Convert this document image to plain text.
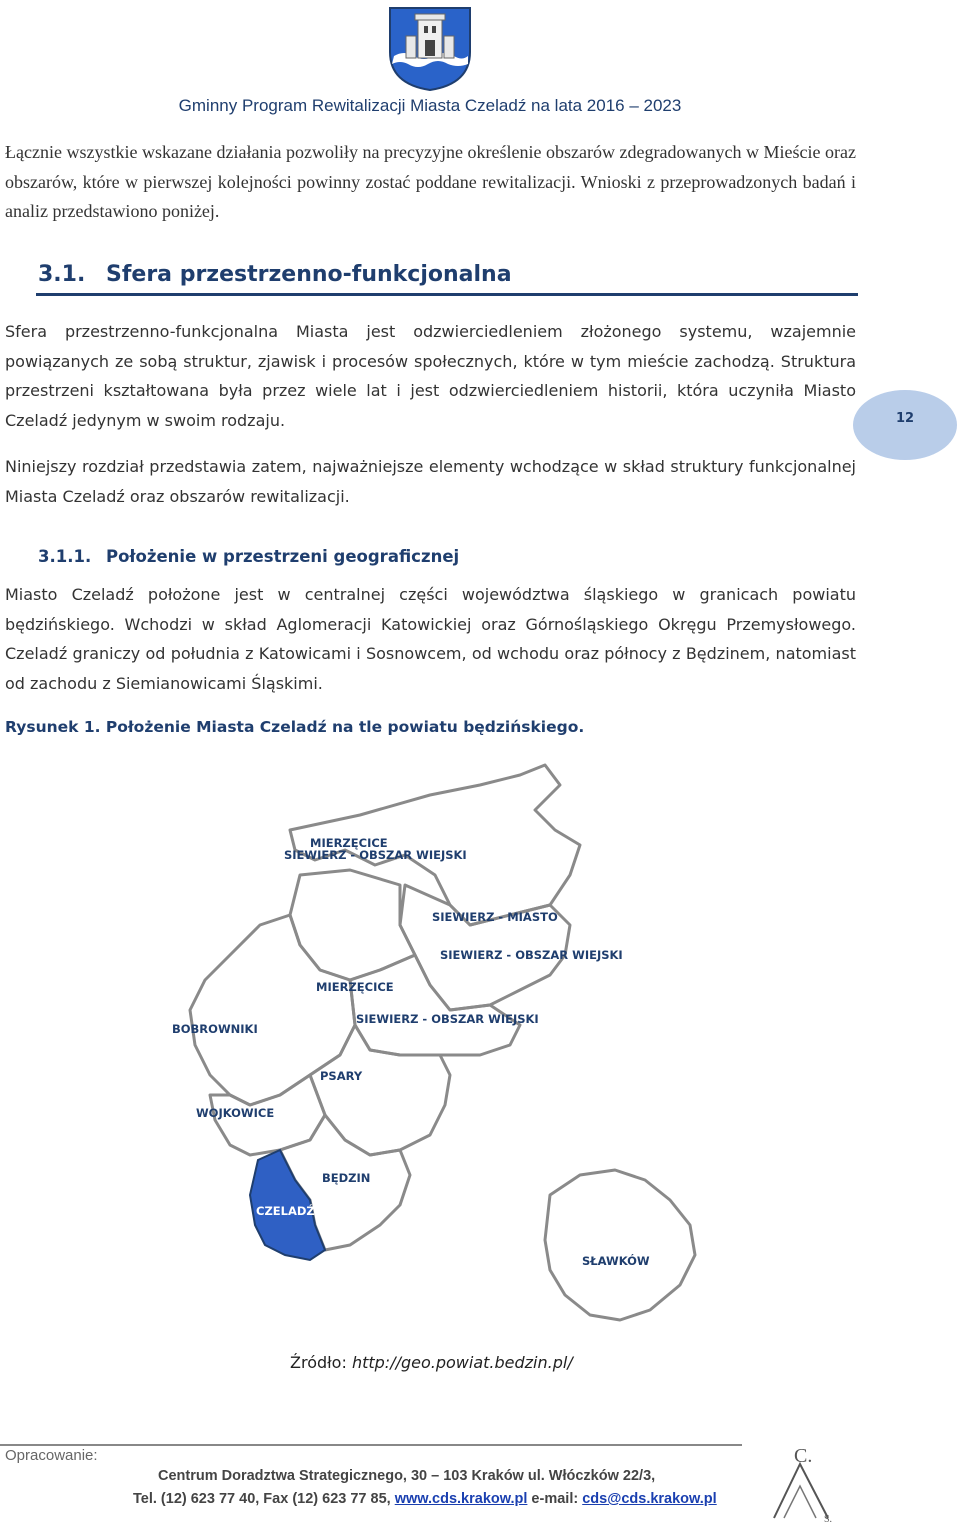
Gminny Program Rewitalizacji Miasta Czeladź na lata 2016 – 2023
Łącznie wszystkie wskazane działania pozwoliły na precyzyjne określenie obszarów zdegradowanych w Mieście oraz obszarów, które w pierwszej kolejności powinny zostać poddane rewitalizacji. Wnioski z przeprowadzonych badań i analiz przedstawiono poniżej.
3.1. Sfera przestrzenno-funkcjonalna
Sfera przestrzenno-funkcjonalna Miasta jest odzwierciedleniem złożonego systemu, wzajemnie powiązanych ze sobą struktur, zjawisk i procesów społecznych, które w tym mieście zachodzą. Struktura przestrzeni kształtowana była przez wiele lat i jest odzwierciedleniem historii, która uczyniła Miasto Czeladź jedynym w swoim rodzaju.
Niniejszy rozdział przedstawia zatem, najważniejsze elementy wchodzące w skład struktury funkcjonalnej Miasta Czeladź oraz obszarów rewitalizacji.
12
3.1.1. Położenie w przestrzeni geograficznej
Miasto Czeladź położone jest w centralnej części województwa śląskiego w granicach powiatu będzińskiego. Wchodzi w skład Aglomeracji Katowickiej oraz Górnośląskiego Okręgu Przemysłowego. Czeladź graniczy od południa z Katowicami i Sosnowcem, od wchodu oraz północy z Będzinem, natomiast od zachodu z Siemianowicami Śląskimi.
Rysunek 1. Położenie Miasta Czeladź na tle powiatu będzińskiego.
MIERZĘCICE
SIEWIERZ - OBSZAR WIEJSKI
SIEWIERZ - MIASTO
SIEWIERZ - OBSZAR WIEJSKI
MIERZĘCICE
SIEWIERZ - OBSZAR WIEJSKI
BOBROWNIKI
PSARY
WOJKOWICE
BĘDZIN
CZELADŹ
SŁAWKÓW
Źródło: http://geo.powiat.bedzin.pl/
Opracowanie:
Centrum Doradztwa Strategicznego, 30 – 103 Kraków ul. Włóczków 22/3,
Tel. (12) 623 77 40, Fax (12) 623 77 85, www.cds.krakow.pl e-mail: cds@cds.krakow.pl
C.
S.
